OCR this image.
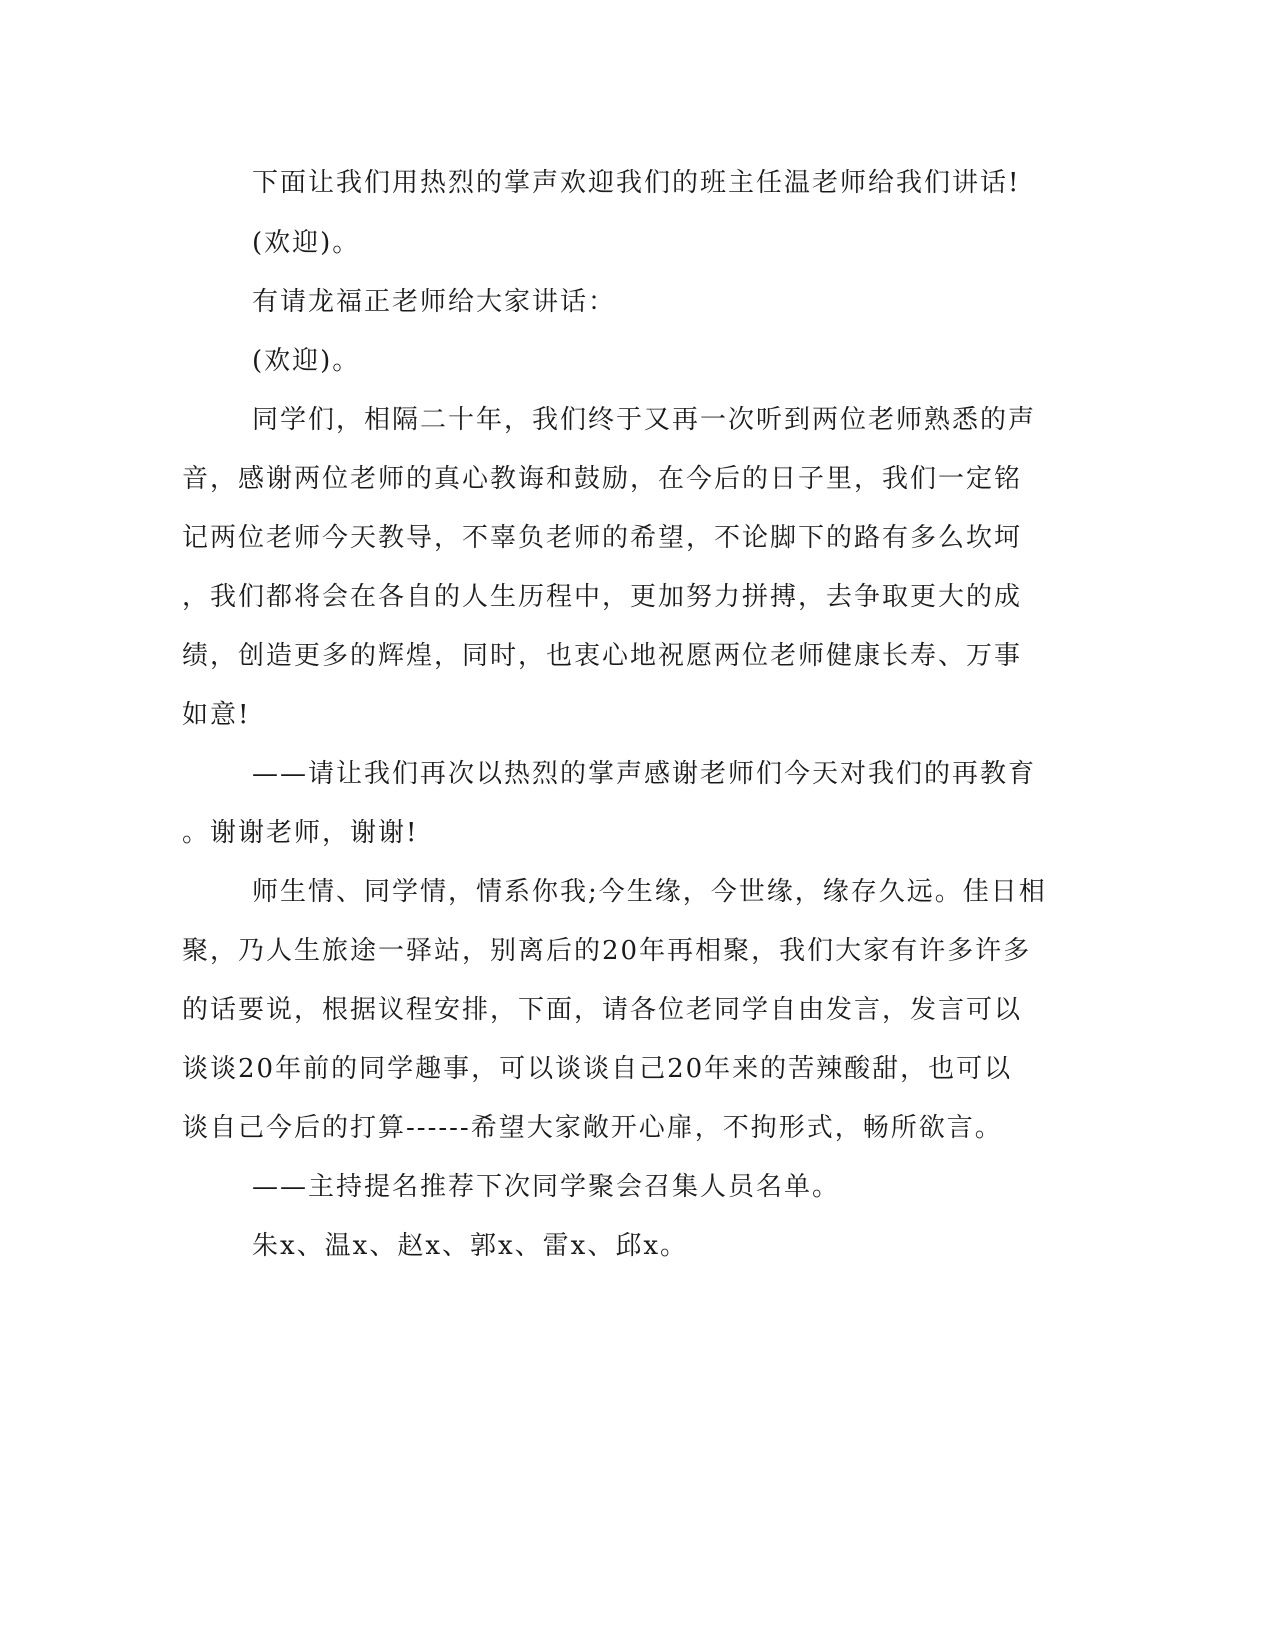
下面让我们用热烈的掌声欢迎我们的班主任温老师给我们讲话!
(欢迎)。
有请龙福正老师给大家讲话：
(欢迎)。
同学们，相隔二十年，我们终于又再一次听到两位老师熟悉的声
音，感谢两位老师的真心教诲和鼓励，在今后的日子里，我们一定铭
记两位老师今天教导，不辜负老师的希望，不论脚下的路有多么坎坷
，我们都将会在各自的人生历程中，更加努力拼搏，去争取更大的成
绩，创造更多的辉煌，同时，也衷心地祝愿两位老师健康长寿、万事
如意!
——请让我们再次以热烈的掌声感谢老师们今天对我们的再教育
。谢谢老师，谢谢!
师生情、同学情，情系你我;今生缘，今世缘，缘存久远。佳日相
聚，乃人生旅途一驿站，别离后的20年再相聚，我们大家有许多许多
的话要说，根据议程安排，下面，请各位老同学自由发言，发言可以
谈谈20年前的同学趣事，可以谈谈自己20年来的苦辣酸甜，也可以
谈自己今后的打算------希望大家敞开心扉，不拘形式，畅所欲言。
——主持提名推荐下次同学聚会召集人员名单。
朱x、温x、赵x、郭x、雷x、邱x。
